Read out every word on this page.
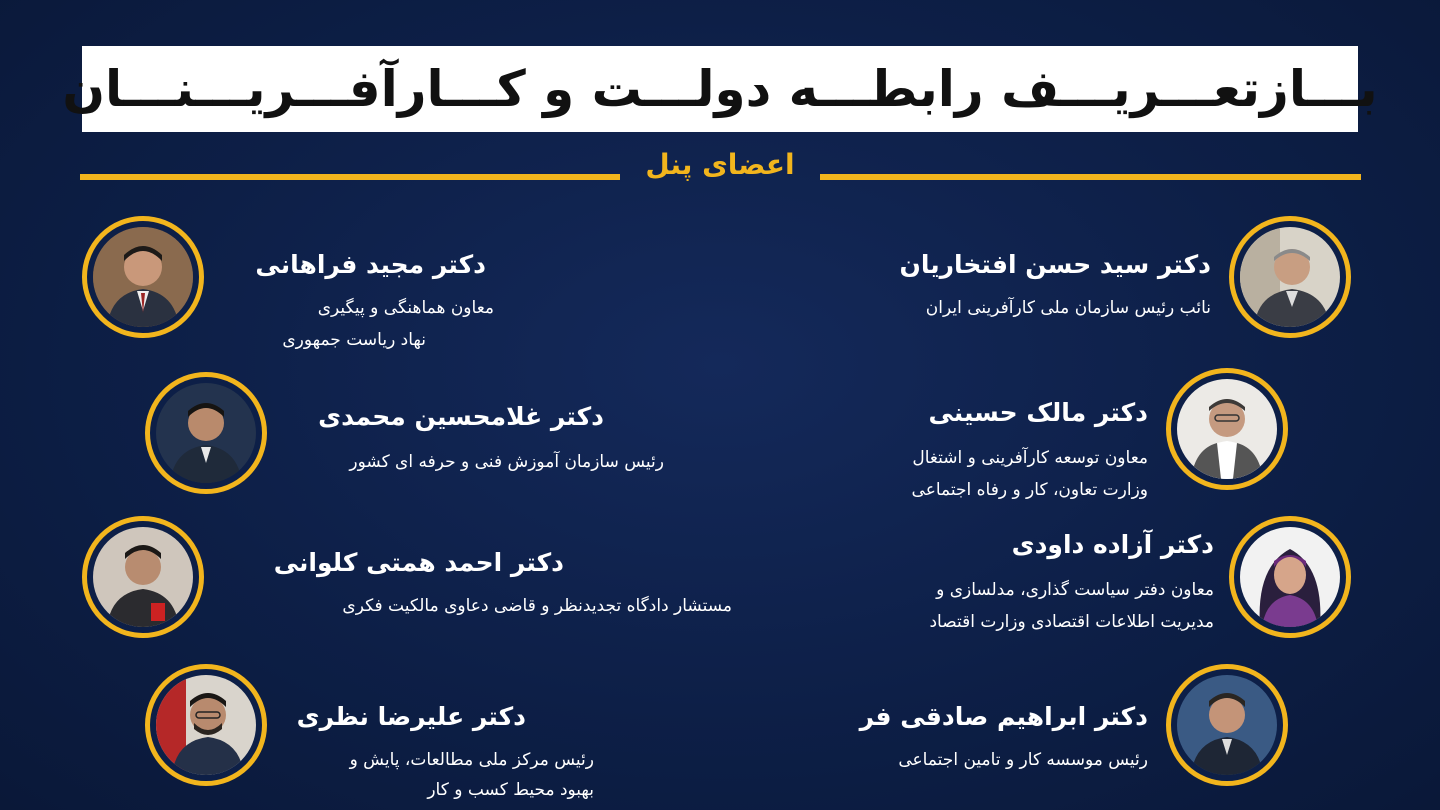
بـــازتعـــریـــف رابطـــه دولـــت و کـــارآفـــریـــنـــان
اعضای پنل
دکتر مجید فراهانی
معاون هماهنگی و پیگیری
نهاد ریاست جمهوری
دکتر سید حسن افتخاریان
نائب رئیس سازمان ملی کارآفرینی ایران
دکتر غلامحسین محمدی
رئیس سازمان آموزش فنی و حرفه ای کشور
دکتر مالک حسینی
معاون توسعه کارآفرینی و اشتغال
وزارت تعاون، کار و رفاه اجتماعی
دکتر احمد همتی کلوانی
مستشار دادگاه تجدیدنظر و قاضی دعاوی مالکیت فکری
دکتر آزاده داودی
معاون دفتر سیاست گذاری، مدلسازی و
مدیریت اطلاعات اقتصادی وزارت اقتصاد
دکتر علیرضا نظری
رئیس مرکز ملی مطالعات، پایش و
بهبود محیط کسب و کار
دکتر ابراهیم صادقی فر
رئیس موسسه کار و تامین اجتماعی
